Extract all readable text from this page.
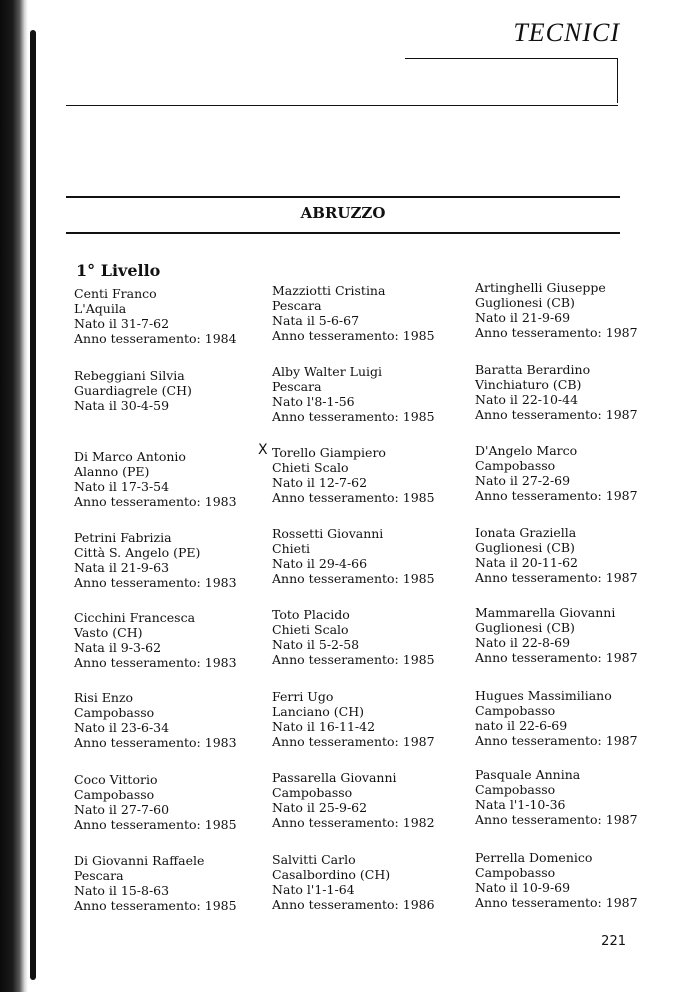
TECNICI
ABRUZZO
1° Livello
Centi Franco
L'Aquila
Nato il 31-7-62
Anno tesseramento: 1984
Rebeggiani Silvia
Guardiagrele (CH)
Nata il 30-4-59
Di Marco Antonio
Alanno (PE)
Nato il 17-3-54
Anno tesseramento: 1983
Petrini Fabrizia
Città S. Angelo (PE)
Nata il 21-9-63
Anno tesseramento: 1983
Cicchini Francesca
Vasto (CH)
Nata il 9-3-62
Anno tesseramento: 1983
Risi Enzo
Campobasso
Nato il 23-6-34
Anno tesseramento: 1983
Coco Vittorio
Campobasso
Nato il 27-7-60
Anno tesseramento: 1985
Di Giovanni Raffaele
Pescara
Nato il 15-8-63
Anno tesseramento: 1985
Mazziotti Cristina
Pescara
Nata il 5-6-67
Anno tesseramento: 1985
Alby Walter Luigi
Pescara
Nato l'8-1-56
Anno tesseramento: 1985
X Torello Giampiero
Chieti Scalo
Nato il 12-7-62
Anno tesseramento: 1985
Rossetti Giovanni
Chieti
Nato il 29-4-66
Anno tesseramento: 1985
Toto Placido
Chieti Scalo
Nato il 5-2-58
Anno tesseramento: 1985
Ferri Ugo
Lanciano (CH)
Nato il 16-11-42
Anno tesseramento: 1987
Passarella Giovanni
Campobasso
Nato il 25-9-62
Anno tesseramento: 1982
Salvitti Carlo
Casalbordino (CH)
Nato l'1-1-64
Anno tesseramento: 1986
Artinghelli Giuseppe
Guglionesi (CB)
Nato il 21-9-69
Anno tesseramento: 1987
Baratta Berardino
Vinchiaturo (CB)
Nato il 22-10-44
Anno tesseramento: 1987
D'Angelo Marco
Campobasso
Nato il 27-2-69
Anno tesseramento: 1987
Ionata Graziella
Guglionesi (CB)
Nata il 20-11-62
Anno tesseramento: 1987
Mammarella Giovanni
Guglionesi (CB)
Nato il 22-8-69
Anno tesseramento: 1987
Hugues Massimiliano
Campobasso
nato il 22-6-69
Anno tesseramento: 1987
Pasquale Annina
Campobasso
Nata l'1-10-36
Anno tesseramento: 1987
Perrella Domenico
Campobasso
Nato il 10-9-69
Anno tesseramento: 1987
221
